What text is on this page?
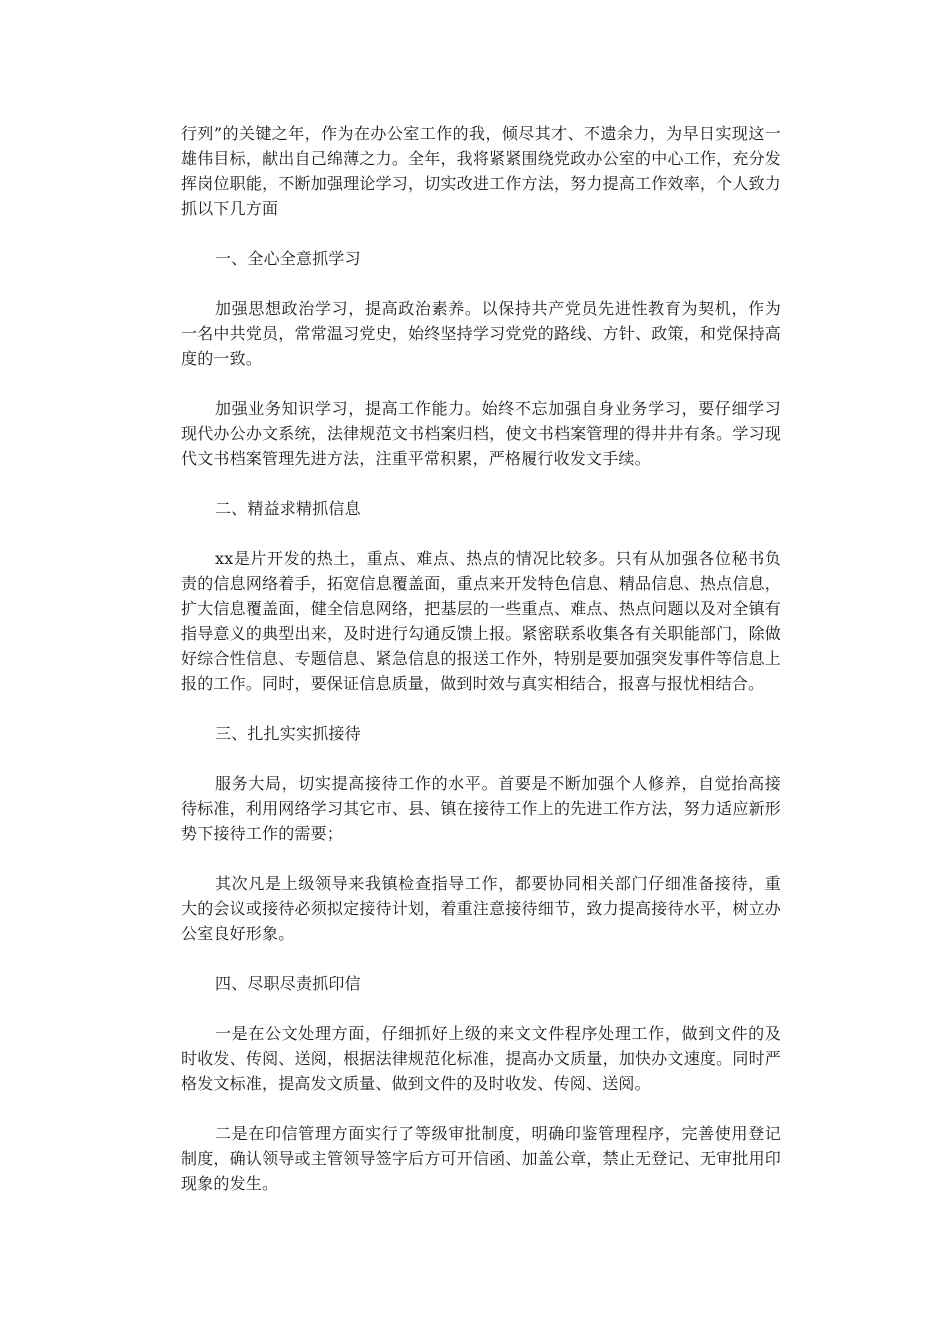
行列”的关键之年，作为在办公室工作的我，倾尽其才、不遗余力，为早日实现这一雄伟目标，献出自己绵薄之力。全年，我将紧紧围绕党政办公室的中心工作，充分发挥岗位职能，不断加强理论学习，切实改进工作方法，努力提高工作效率，个人致力抓以下几方面

一、全心全意抓学习

加强思想政治学习，提高政治素养。以保持共产党员先进性教育为契机，作为一名中共党员，常常温习党史，始终坚持学习党党的路线、方针、政策，和党保持高度的一致。

加强业务知识学习，提高工作能力。始终不忘加强自身业务学习，要仔细学习现代办公办文系统，法律规范文书档案归档，使文书档案管理的得井井有条。学习现代文书档案管理先进方法，注重平常积累，严格履行收发文手续。

二、精益求精抓信息

xx是片开发的热土，重点、难点、热点的情况比较多。只有从加强各位秘书负责的信息网络着手，拓宽信息覆盖面，重点来开发特色信息、精品信息、热点信息，扩大信息覆盖面，健全信息网络，把基层的一些重点、难点、热点问题以及对全镇有指导意义的典型出来，及时进行勾通反馈上报。紧密联系收集各有关职能部门，除做好综合性信息、专题信息、紧急信息的报送工作外，特别是要加强突发事件等信息上报的工作。同时，要保证信息质量，做到时效与真实相结合，报喜与报忧相结合。

三、扎扎实实抓接待

服务大局，切实提高接待工作的水平。首要是不断加强个人修养，自觉抬高接待标准，利用网络学习其它市、县、镇在接待工作上的先进工作方法，努力适应新形势下接待工作的需要；

其次凡是上级领导来我镇检查指导工作，都要协同相关部门仔细准备接待，重大的会议或接待必须拟定接待计划，着重注意接待细节，致力提高接待水平，树立办公室良好形象。

四、尽职尽责抓印信

一是在公文处理方面，仔细抓好上级的来文文件程序处理工作，做到文件的及时收发、传阅、送阅，根据法律规范化标准，提高办文质量，加快办文速度。同时严格发文标准，提高发文质量、做到文件的及时收发、传阅、送阅。

二是在印信管理方面实行了等级审批制度，明确印鉴管理程序，完善使用登记制度，确认领导或主管领导签字后方可开信函、加盖公章，禁止无登记、无审批用印现象的发生。
